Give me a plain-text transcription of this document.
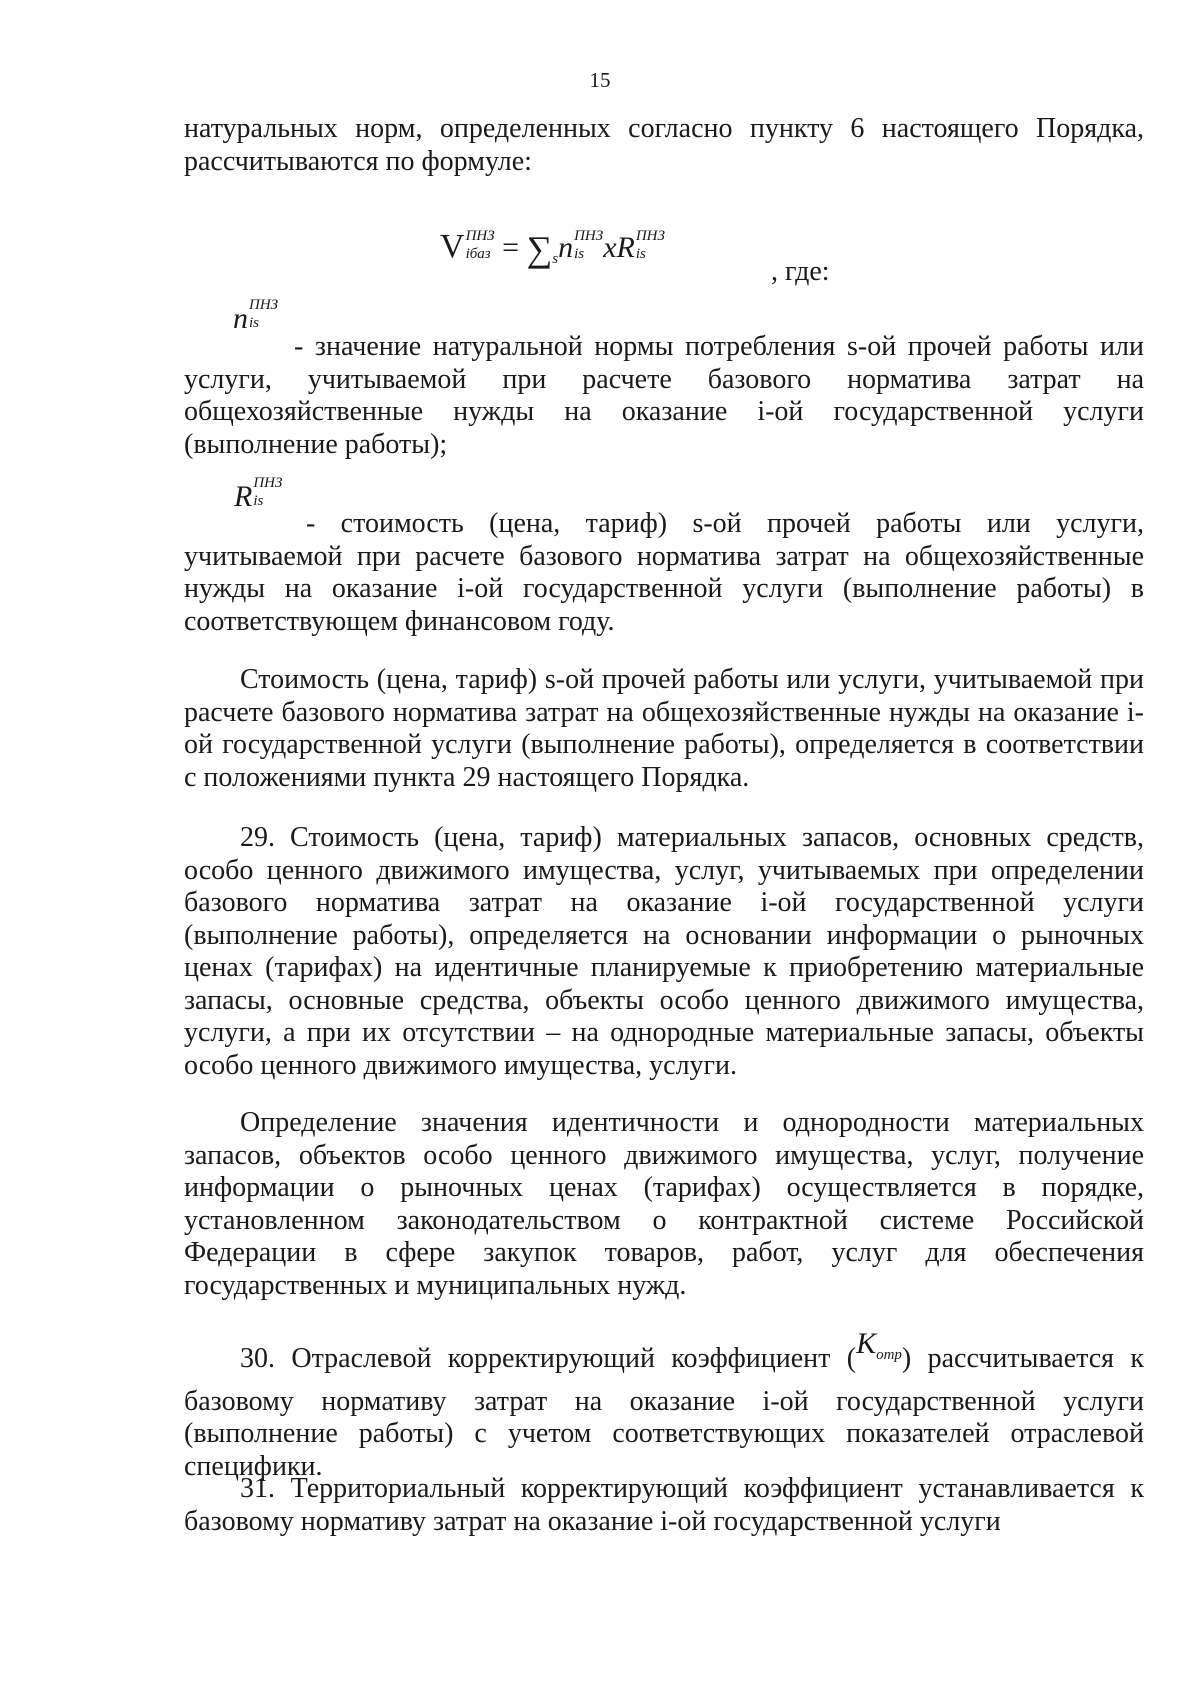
15
натуральных норм, определенных согласно пункту 6 настоящего Порядка, рассчитываются по формуле:
V ПНЗ
iбаз = $\sum_sn$ ПНЗ
is xR ПНЗ
is
, где:
n ПНЗ
is
- значение натуральной нормы потребления s-ой прочей работы или услуги, учитываемой при расчете базового норматива затрат на общехозяйственные нужды на оказание i-ой государственной услуги (выполнение работы);
R ПНЗ
is
- стоимость (цена, тариф) s-ой прочей работы или услуги, учитываемой при расчете базового норматива затрат на общехозяйственные нужды на оказание i-ой государственной услуги (выполнение работы) в соответствующем финансовом году.
Стоимость (цена, тариф) s-ой прочей работы или услуги, учитываемой при расчете базового норматива затрат на общехозяйственные нужды на оказание i-ой государственной услуги (выполнение работы), определяется в соответствии с положениями пункта 29 настоящего Порядка.
29. Стоимость (цена, тариф) материальных запасов, основных средств, особо ценного движимого имущества, услуг, учитываемых при определении базового норматива затрат на оказание i-ой государственной услуги (выполнение работы), определяется на основании информации о рыночных ценах (тарифах) на идентичные планируемые к приобретению материальные запасы, основные средства, объекты особо ценного движимого имущества, услуги, а при их отсутствии – на однородные материальные запасы, объекты особо ценного движимого имущества, услуги.
Определение значения идентичности и однородности материальных запасов, объектов особо ценного движимого имущества, услуг, получение информации о рыночных ценах (тарифах) осуществляется в порядке, установленном законодательством о контрактной системе Российской Федерации в сфере закупок товаров, работ, услуг для обеспечения государственных и муниципальных нужд.
30. Отраслевой корректирующий коэффициент $(K_{отр})$ рассчитывается к базовому нормативу затрат на оказание i-ой государственной услуги (выполнение работы) с учетом соответствующих показателей отраслевой специфики.
31. Территориальный корректирующий коэффициент устанавливается к базовому нормативу затрат на оказание i-ой государственной услуги
